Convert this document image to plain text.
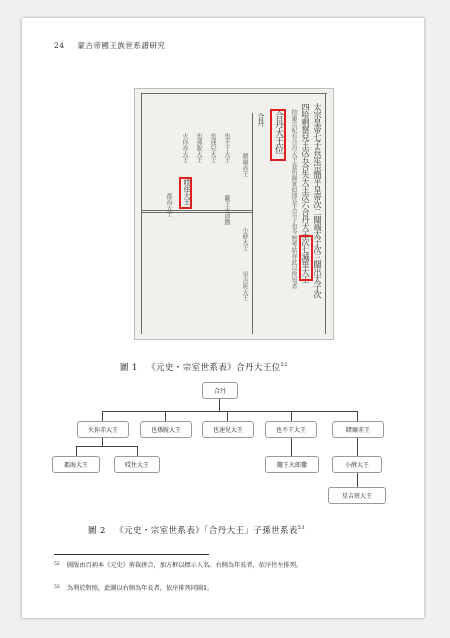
24 蒙古帝國王族世系譜研究
太宗皇帝七子長定宗簡平皇帝次二闊端太子次三闊出太子次
四哈剌察兒王次五合失大王次六合丹大王次七滅里大王
按憲宗紀有合丹大王卷所錄實似即是太宗子也今無考姑存此以俟知者
合丹大王位
合丹
睹爾赤王
小薛大王
星吉班大王
也不干大王
隴王火郎撒
也速兒大王
也孫脫大王
火你赤大王
哎住大王
都海大王
圖 1 《元史・宗室世系表》合丹大王位$^{52}$
合丹
火你赤大王	也孫脫大王	也速兒大王	也不干大王	睹爾赤王
都海大王	哎住大王	隴王火郎撒	小薛大王
星吉班大王
圖 2 《元史・宗室世系表》「合丹大王」子孫世系表$^{53}$
52 圖版由百衲本《元史》剪裁拼合，加方框以標示人名。右側為年長者，依序往左排列。
53 為利於對照，此圖以右側為年長者，依序排列同圖1。
